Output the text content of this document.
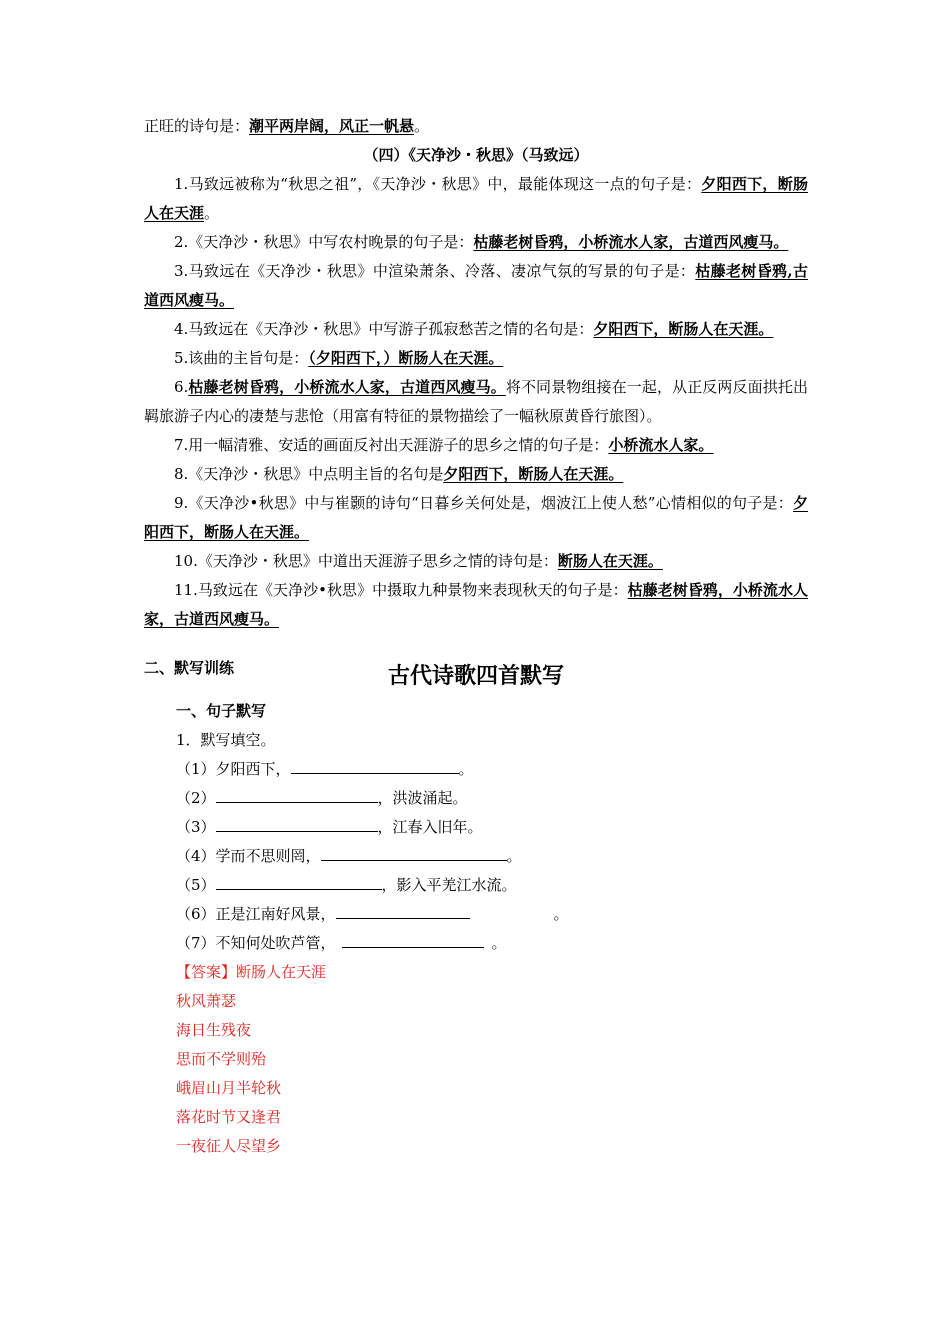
正旺的诗句是：潮平两岸阔，风正一帆悬。
（四）《天净沙・秋思》（马致远）
1.马致远被称为“秋思之祖”，《天净沙・秋思》中，最能体现这一点的句子是：夕阳西下，断肠人在天涯。
2.《天净沙・秋思》中写农村晚景的句子是：枯藤老树昏鸦，小桥流水人家，古道西风瘦马。
3.马致远在《天净沙・秋思》中渲染萧条、冷落、凄凉气氛的写景的句子是：枯藤老树昏鸦,古道西风瘦马。
4.马致远在《天净沙・秋思》中写游子孤寂愁苦之情的名句是：夕阳西下，断肠人在天涯。
5.该曲的主旨句是：（夕阳西下，）断肠人在天涯。
6.枯藤老树昏鸦，小桥流水人家，古道西风瘦马。将不同景物组接在一起，从正反两反面拱托出羁旅游子内心的凄楚与悲怆（用富有特征的景物描绘了一幅秋原黄昏行旅图）。
7.用一幅清雅、安适的画面反衬出天涯游子的思乡之情的句子是：小桥流水人家。
8.《天净沙・秋思》中点明主旨的名句是夕阳西下，断肠人在天涯。
9.《天净沙•秋思》中与崔颢的诗句“日暮乡关何处是，烟波江上使人愁”心情相似的句子是：夕阳西下，断肠人在天涯。
10.《天净沙・秋思》中道出天涯游子思乡之情的诗句是：断肠人在天涯。
11.马致远在《天净沙•秋思》中摄取九种景物来表现秋天的句子是：枯藤老树昏鸦，小桥流水人家，古道西风瘦马。
二、默写训练	古代诗歌四首默写
一、句子默写
1．默写填空。
（1）夕阳西下，	。
（2）	，洪波涌起。
（3）	，江春入旧年。
（4）学而不思则罔，	。
（5）	，影入平羌江水流。
（6）正是江南好风景，	。
（7）不知何处吹芦管，	。
【答案】断肠人在天涯
秋风萧瑟
海日生残夜
思而不学则殆
峨眉山月半轮秋
落花时节又逢君
一夜征人尽望乡
